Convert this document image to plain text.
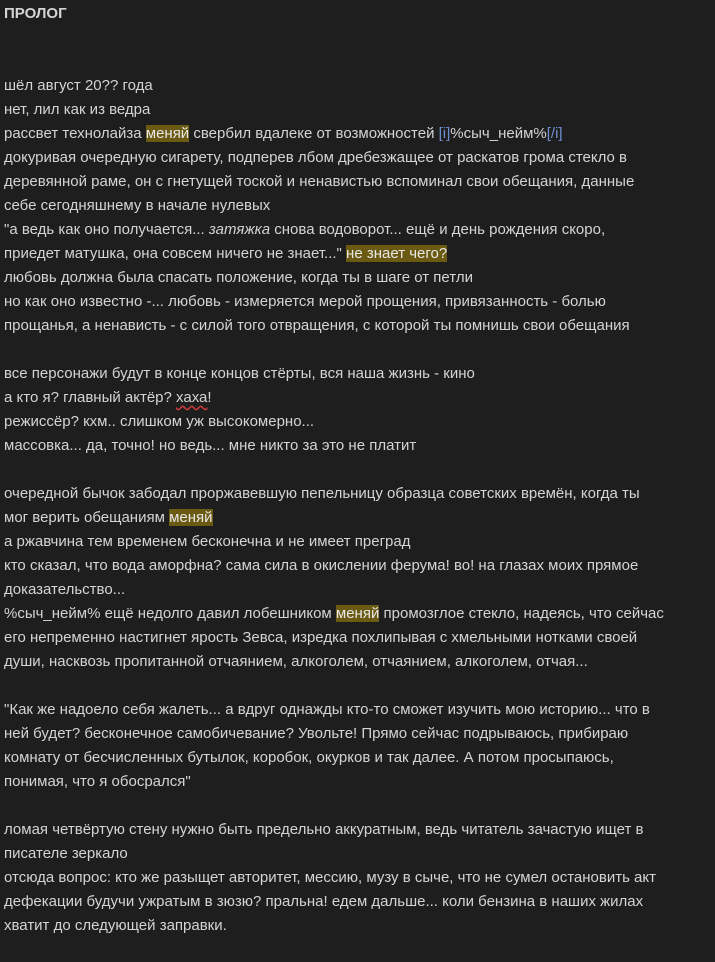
ПРОЛОГ
шёл август 20?? года
нет, лил как из ведра
рассвет технолайза меняй свербил вдалеке от возможностей [i]%сыч_нейм%[/i]
докуривая очередную сигарету, подперев лбом дребезжащее от раскатов грома стекло в
деревянной раме, он с гнетущей тоской и ненавистью вспоминал свои обещания, данные
себе сегодняшнему в начале нулевых
"а ведь как оно получается... затяжка снова водоворот... ещё и день рождения скоро,
приедет матушка, она совсем ничего не знает..." не знает чего?
любовь должна была спасать положение, когда ты в шаге от петли
но как оно известно -... любовь - измеряется мерой прощения, привязанность - болью
прощанья, а ненависть - с силой того отвращения, с которой ты помнишь свои обещания
все персонажи будут в конце концов стёрты, вся наша жизнь - кино
а кто я? главный актёр? хаха!
режиссёр? кхм.. слишком уж высокомерно...
массовка... да, точно! но ведь... мне никто за это не платит
очередной бычок забодал проржавевшую пепельницу образца советских времён, когда ты
мог верить обещаниям меняй
а ржавчина тем временем бесконечна и не имеет преград
кто сказал, что вода аморфна? сама сила в окислении ферума! во! на глазах моих прямое
доказательство...
%сыч_нейм% ещё недолго давил лобешником меняй промозглое стекло, надеясь, что сейчас
его непременно настигнет ярость Зевса, изредка похлипывая с хмельными нотками своей
души, насквозь пропитанной отчаянием, алкоголем, отчаянием, алкоголем, отчая...
"Как же надоело себя жалеть... а вдруг однажды кто-то сможет изучить мою историю... что в
ней будет? бесконечное самобичевание? Увольте! Прямо сейчас подрываюсь, прибираю
комнату от бесчисленных бутылок, коробок, окурков и так далее. А потом просыпаюсь,
понимая, что я обосрался"
ломая четвёртую стену нужно быть предельно аккуратным, ведь читатель зачастую ищет в
писателе зеркало
отсюда вопрос: кто же разыщет авторитет, мессию, музу в сыче, что не сумел остановить акт
дефекации будучи ужратым в зюзю? пральна! едем дальше... коли бензина в наших жилах
хватит до следующей заправки.
